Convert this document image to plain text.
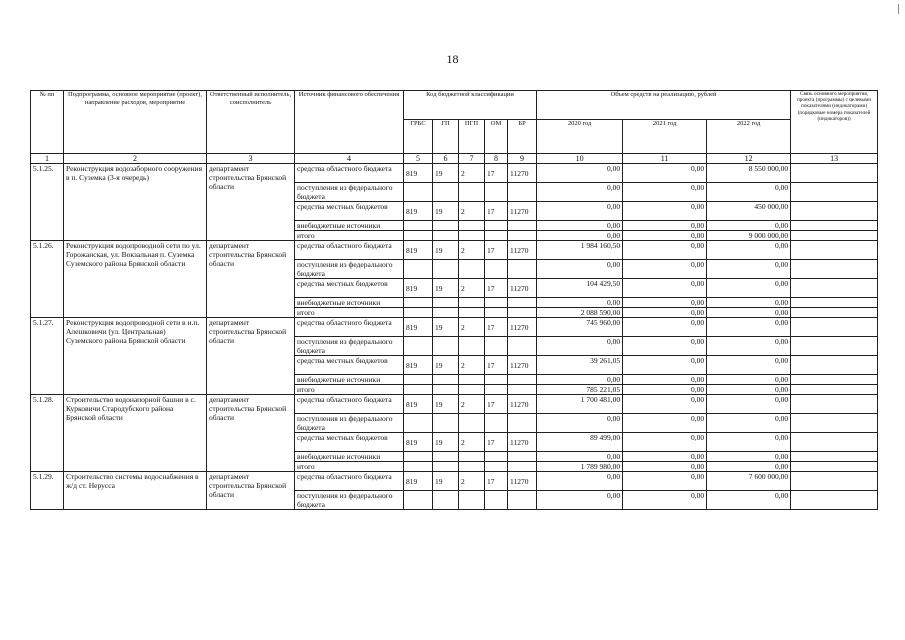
18
№ пп	Подпрограмма, основное мероприятие (проект), направление расходов, мероприятие	Ответственный исполнитель, соисполнитель	Источник финансового обеспечения	Код бюджетной классификации					Объем средств на реализацию, рублей			Связь основного мероприятия, проекта (программы) с целевыми показателями (индикаторами) (порядковые номера показателей (индикаторов))
				ГРБС	ГП	ПГП	ОМ	БР	2020 год	2021 год	2022 год	
1	2	3	4	5	6	7	8	9	10	11	12	13
5.1.25.	Реконструкция водозаборного сооружения в п. Суземка (3-я очередь)	департамент строительства Брянской области	средства областного бюджета	819	19	2	17	11270	0,00	0,00	8 550 000,00	
			поступления из федерального бюджета						0,00	0,00	0,00	
			средства местных бюджетов	819	19	2	17	11270	0,00	0,00	450 000,00	
			внебюджетные источники						0,00	0,00	0,00	
			итого						0,00	0,00	9 000 000,00	
5.1.26.	Реконструкция водопроводной сети по ул. Горожанская, ул. Вокзальная п. Суземка Суземского района Брянской области	департамент строительства Брянской области	средства областного бюджета	819	19	2	17	11270	1 984 160,50	0,00	0,00	
			поступления из федерального бюджета						0,00	0,00	0,00	
			средства местных бюджетов	819	19	2	17	11270	104 429,50	0,00	0,00	
			внебюджетные источники						0,00	0,00	0,00	
			итого						2 088 590,00	0,00	0,00	
5.1.27.	Реконструкция водопроводной сети в н.п. Алешковичи (ул. Центральная) Суземского района Брянской области	департамент строительства Брянской области	средства областного бюджета	819	19	2	17	11270	745 960,00	0,00	0,00	
			поступления из федерального бюджета						0,00	0,00	0,00	
			средства местных бюджетов	819	19	2	17	11270	39 261,05	0,00	0,00	
			внебюджетные источники						0,00	0,00	0,00	
			итого						785 221,05	0,00	0,00	
5.1.28.	Строительство водонапорной башни в с. Курковичи Стародубского района Брянской области	департамент строительства Брянской области	средства областного бюджета	819	19	2	17	11270	1 700 481,00	0,00	0,00	
			поступления из федерального бюджета						0,00	0,00	0,00	
			средства местных бюджетов	819	19	2	17	11270	89 499,00	0,00	0,00	
			внебюджетные источники						0,00	0,00	0,00	
			итого						1 789 980,00	0,00	0,00	
5.1.29.	Строительство системы водоснабжения в ж/д ст. Нерусса	департамент строительства Брянской области	средства областного бюджета	819	19	2	17	11270	0,00	0,00	7 600 000,00	
			поступления из федерального бюджета						0,00	0,00	0,00	
